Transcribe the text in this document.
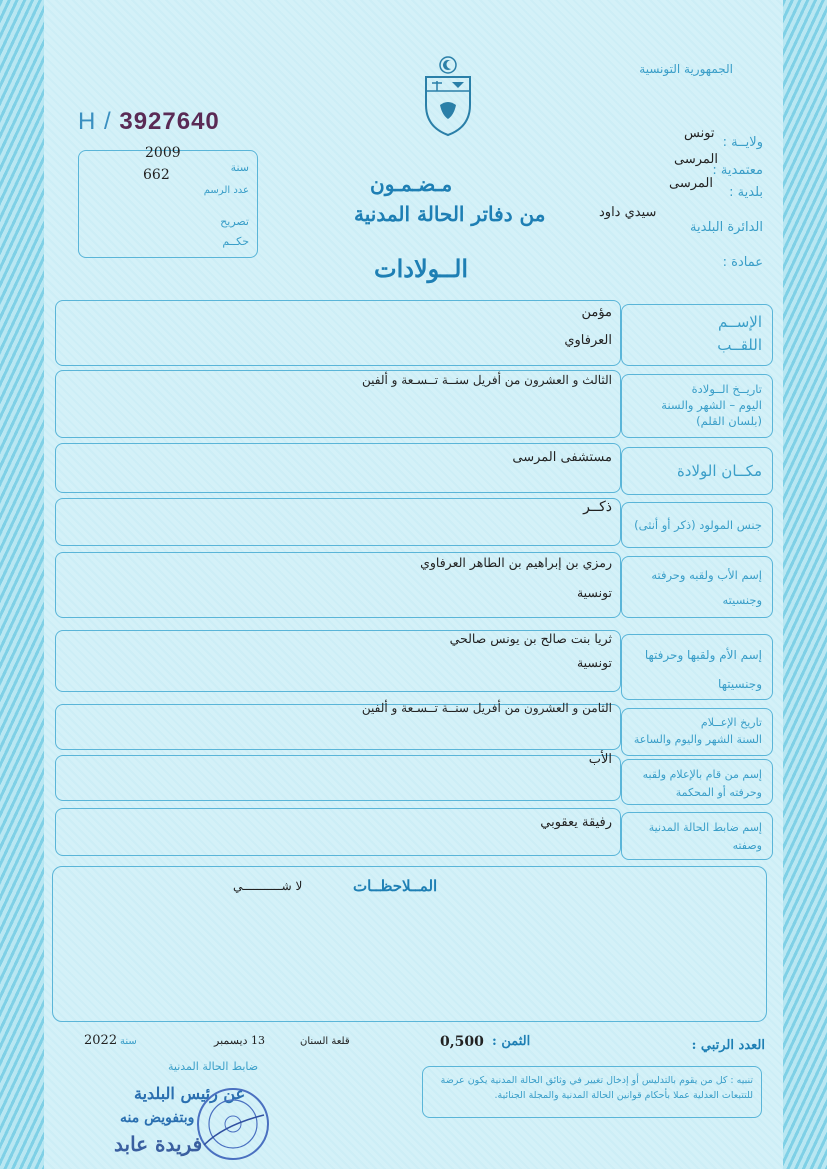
الجمهورية التونسية
H / 3927640
2009
سنة
662
عدد الرسم
تصريح
حكــم
ولايــة :
تونس
المرسى
معتمدية :
المرسى
بلدية :
سيدي داود
الدائرة البلدية
عمادة :
مـضـمـون
من دفاتر الحالة المدنية
الــولادات
مؤمن
العرفاوي
الإســم
اللقــب
الثالث و العشرون من أفريل سنــة تــسـعة و ألفين
تاريــخ الــولادة
اليوم – الشهر والسنة
(بلسان القلم)
مستشفى المرسى
مكــان الولادة
ذكــر
جنس المولود (ذكر أو أنثى)
رمزي بن إبراهيم بن الطاهر العرفاوي
تونسية
إسم الأب ولقبه وحرفته
وجنسيته
ثريا بنت صالح بن يونس صالحي
تونسية	إسم الأم ولقبها وحرفتها
وجنسيتها
الثامن و العشرون من أفريل سنــة تــسـعة و ألفين
تاريخ الإعــلام
السنة الشهر واليوم والساعة
الأب
إسم من قام بالإعلام ولقبه
وحرفته أو المحكمة
رفيقة يعقوبي	إسم ضابط الحالة المدنية
وصفته
المــلاحظــات
لا شـــــــــــي
العدد الرتبي :
الثمن :
0,500
قلعة السنان
13 ديسمبر
سنة
2022
ضابط الحالة المدنية
عن رئيس البلدية
وبتفويض منه
فريدة عابد
تنبيه : كل من يقوم بالتدليس أو إدخال تغيير في وثائق الحالة المدنية يكون عرضة للتتبعات العدلية عملا بأحكام قوانين الحالة المدنية والمجلة الجنائية.
